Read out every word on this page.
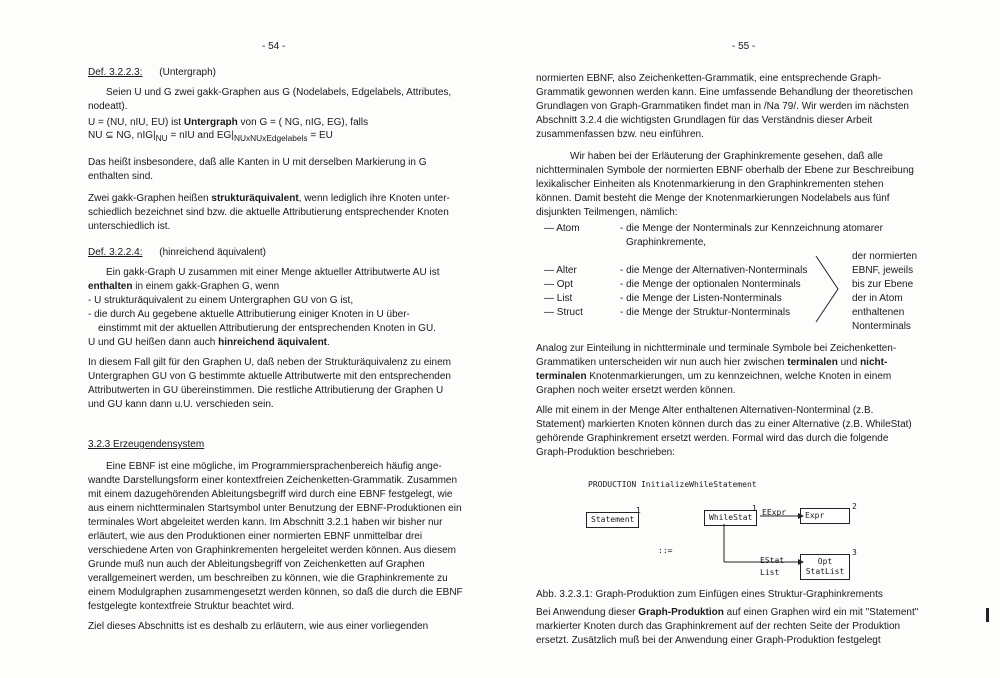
- 54 -
Def. 3.2.2.3: (Untergraph)
Seien U und G zwei gakk-Graphen aus G (Nodelabels, Edgelabels, Attributes,
nodeatt).
U = (NU, nIU, EU) ist Untergraph von G = ( NG, nIG, EG), falls
NU ⊆ NG, $nIG|_{NU}$ = nIU and $EG|_{NUxNUxEdgelabels}$ = EU
Das heißt insbesondere, daß alle Kanten in U mit derselben Markierung in G
enthalten sind.
Zwei gakk-Graphen heißen strukturäquivalent, wenn lediglich ihre Knoten unter-
schiedlich bezeichnet sind bzw. die aktuelle Attributierung entsprechender Knoten
unterschiedlich ist.
Def. 3.2.2.4: (hinreichend äquivalent)
Ein gakk-Graph U zusammen mit einer Menge aktueller Attributwerte AU ist
enthalten in einem gakk-Graphen G, wenn
- U strukturäquivalent zu einem Untergraphen GU von G ist,
- die durch Au gegebene aktuelle Attributierung einiger Knoten in U über-
einstimmt mit der aktuellen Attributierung der entsprechenden Knoten in GU.
U und GU heißen dann auch hinreichend äquivalent.
In diesem Fall gilt für den Graphen U, daß neben der Strukturäquivalenz zu einem
Untergraphen GU von G bestimmte aktuelle Attributwerte mit den entsprechenden
Attributwerten in GU übereinstimmen. Die restliche Attributierung der Graphen U
und GU kann dann u.U. verschieden sein.
3.2.3 Erzeugendensystem
Eine EBNF ist eine mögliche, im Programmiersprachenbereich häufig ange-
wandte Darstellungsform einer kontextfreien Zeichenketten-Grammatik. Zusammen
mit einem dazugehörenden Ableitungsbegriff wird durch eine EBNF festgelegt, wie
aus einem nichtterminalen Startsymbol unter Benutzung der EBNF-Produktionen ein
terminales Wort abgeleitet werden kann. Im Abschnitt 3.2.1 haben wir bisher nur
erläutert, wie aus den Produktionen einer normierten EBNF unmittelbar drei
verschiedene Arten von Graphinkrementen hergeleitet werden können. Aus diesem
Grunde muß nun auch der Ableitungsbegriff von Zeichenketten auf Graphen
verallgemeinert werden, um beschreiben zu können, wie die Graphinkremente zu
einem Modulgraphen zusammengesetzt werden können, so daß die durch die EBNF
festgelegte kontextfreie Struktur beachtet wird.
Ziel dieses Abschnitts ist es deshalb zu erläutern, wie aus einer vorliegenden
- 55 -
normierten EBNF, also Zeichenketten-Grammatik, eine entsprechende Graph-
Grammatik gewonnen werden kann. Eine umfassende Behandlung der theoretischen
Grundlagen von Graph-Grammatiken findet man in /Na 79/. Wir werden im nächsten
Abschnitt 3.2.4 die wichtigsten Grundlagen für das Verständnis dieser Arbeit
zusammenfassen bzw. neu einführen.
Wir haben bei der Erläuterung der Graphinkremente gesehen, daß alle
nichtterminalen Symbole der normierten EBNF oberhalb der Ebene zur Beschreibung
lexikalischer Einheiten als Knotenmarkierung in den Graphinkrementen stehen
können. Damit besteht die Menge der Knotenmarkierungen Nodelabels aus fünf
disjunkten Teilmengen, nämlich:
— Atom	- die Menge der Nonterminals zur Kennzeichnung atomarer
Graphinkremente,
— Alter	- die Menge der Alternativen-Nonterminals
— Opt	- die Menge der optionalen Nonterminals
— List	- die Menge der Listen-Nonterminals
— Struct	- die Menge der Struktur-Nonterminals
der normierten
EBNF, jeweils
bis zur Ebene
der in Atom
enthaltenen
Nonterminals
Analog zur Einteilung in nichtterminale und terminale Symbole bei Zeichenketten-
Grammatiken unterscheiden wir nun auch hier zwischen terminalen und nicht-
terminalen Knotenmarkierungen, um zu kennzeichnen, welche Knoten in einem
Graphen noch weiter ersetzt werden können.
Alle mit einem in der Menge Alter enthaltenen Alternativen-Nonterminal (z.B.
Statement) markierten Knoten können durch das zu einer Alternative (z.B. WhileStat)
gehörende Graphinkrement ersetzt werden. Formal wird das durch die folgende
Graph-Produktion beschrieben:
PRODUCTION InitializeWhileStatement
Statement
1
::=
WhileStat
1
Expr
2
Opt
StatList
3
EExpr
EStat
List
Abb. 3.2.3.1: Graph-Produktion zum Einfügen eines Struktur-Graphinkrements
Bei Anwendung dieser Graph-Produktion auf einen Graphen wird ein mit "Statement"
markierter Knoten durch das Graphinkrement auf der rechten Seite der Produktion
ersetzt. Zusätzlich muß bei der Anwendung einer Graph-Produktion festgelegt
